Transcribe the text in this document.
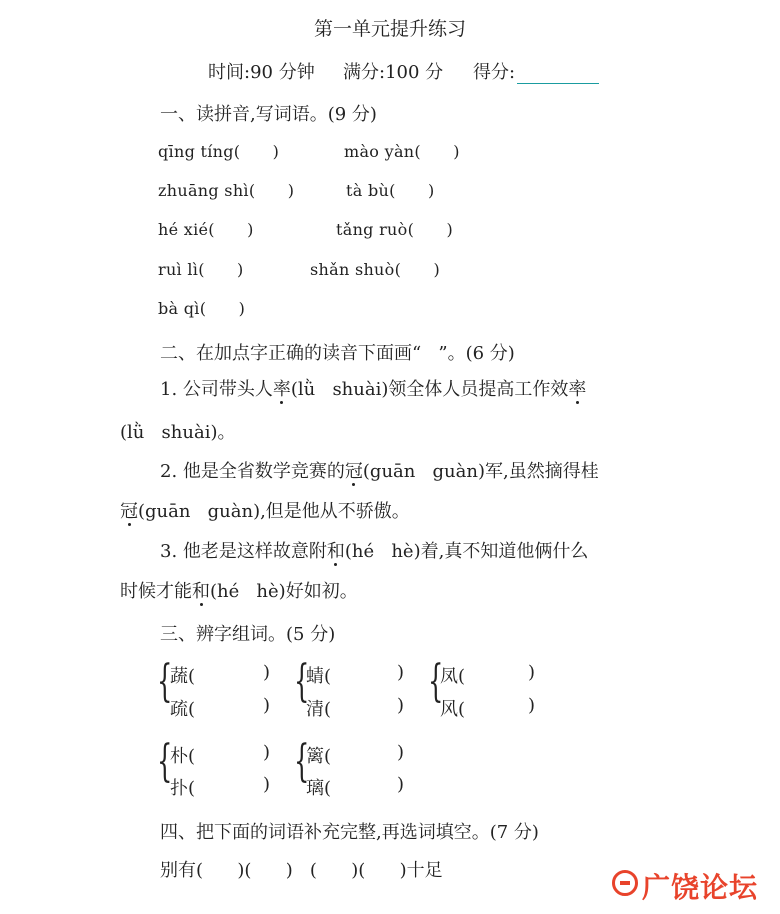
第一单元提升练习
时间:90 分钟 满分:100 分 得分:
一、读拼音,写词语。(9 分)
qīng tíng(      )	mào yàn(      )
zhuāng shì(      )	tà bù(      )
hé xié(      )	tǎng ruò(      )
ruì lì(      )	shǎn shuò(      )
bà qì(      )
二、在加点字正确的读音下面画“   ”。(6 分)
1. 公司带头人率(lǜ   shuài)领全体人员提高工作效率
(lǜ   shuài)。
2. 他是全省数学竞赛的冠(guān   guàn)军,虽然摘得桂
冠(guān   guàn),但是他从不骄傲。
3. 他老是这样故意附和(hé   hè)着,真不知道他俩什么
时候才能和(hé   hè)好如初。
三、辨字组词。(5 分)
{
蔬(	)
疏(	) {
蜻(	)
清(	) {
凤(	)
风(	)
{
朴(	)
扑(	) {
篱(	)
璃(	)
四、把下面的词语补充完整,再选词填空。(7 分)
别有(      )(      )   (      )(      )十足
广饶论坛
